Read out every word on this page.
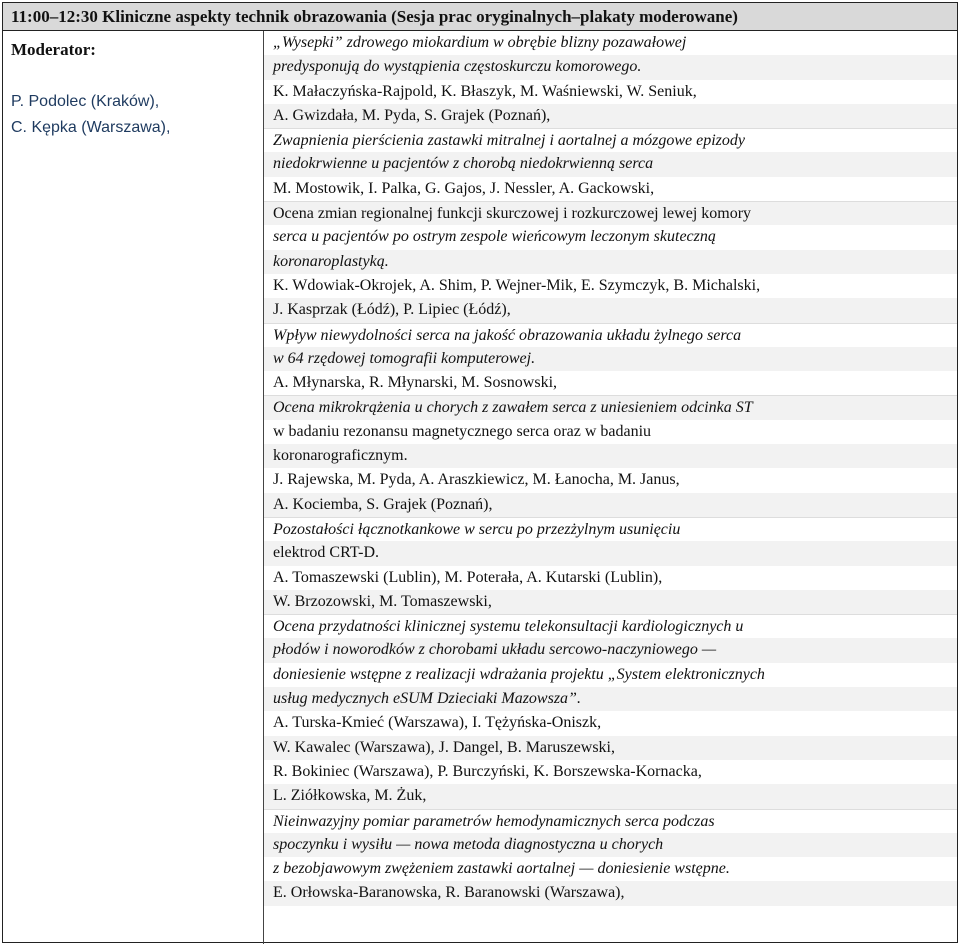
11:00–12:30 Kliniczne aspekty technik obrazowania (Sesja prac oryginalnych–plakaty moderowane)
Moderator:
P. Podolec (Kraków),
C. Kępka (Warszawa),
„Wysepki” zdrowego miokardium w obrębie blizny pozawałowej
predysponują do wystąpienia częstoskurczu komorowego.
K. Małaczyńska-Rajpold, K. Błaszyk, M. Waśniewski, W. Seniuk,
A. Gwizdała, M. Pyda, S. Grajek (Poznań),
Zwapnienia pierścienia zastawki mitralnej i aortalnej a mózgowe epizody
niedokrwienne u pacjentów z chorobą niedokrwienną serca
M. Mostowik, I. Palka, G. Gajos, J. Nessler, A. Gackowski,
Ocena zmian regionalnej funkcji skurczowej i rozkurczowej lewej komory
serca u pacjentów po ostrym zespole wieńcowym leczonym skuteczną
koronaroplastyką.
K. Wdowiak-Okrojek, A. Shim, P. Wejner-Mik, E. Szymczyk, B. Michalski,
J. Kasprzak (Łódź), P. Lipiec (Łódź),
Wpływ niewydolności serca na jakość obrazowania układu żylnego serca
w 64 rzędowej tomografii komputerowej.
A. Młynarska, R. Młynarski, M. Sosnowski,
Ocena mikrokrążenia u chorych z zawałem serca z uniesieniem odcinka ST
w badaniu rezonansu magnetycznego serca oraz w badaniu
koronarograficznym.
J. Rajewska, M. Pyda, A. Araszkiewicz, M. Łanocha, M. Janus,
A. Kociemba, S. Grajek (Poznań),
Pozostałości łącznotkankowe w sercu po przezżylnym usunięciu
elektrod CRT-D.
A. Tomaszewski (Lublin), M. Poterała, A. Kutarski (Lublin),
W. Brzozowski, M. Tomaszewski,
Ocena przydatności klinicznej systemu telekonsultacji kardiologicznych u
płodów i noworodków z chorobami układu sercowo-naczyniowego —
doniesienie wstępne z realizacji wdrażania projektu „System elektronicznych
usług medycznych eSUM Dzieciaki Mazowsza”.
A. Turska-Kmieć (Warszawa), I. Tężyńska-Oniszk,
W. Kawalec (Warszawa), J. Dangel, B. Maruszewski,
R. Bokiniec (Warszawa), P. Burczyński, K. Borszewska-Kornacka,
L. Ziółkowska, M. Żuk,
Nieinwazyjny pomiar parametrów hemodynamicznych serca podczas
spoczynku i wysiłu — nowa metoda diagnostyczna u chorych
z bezobjawowym zwężeniem zastawki aortalnej — doniesienie wstępne.
E. Orłowska-Baranowska, R. Baranowski (Warszawa),
